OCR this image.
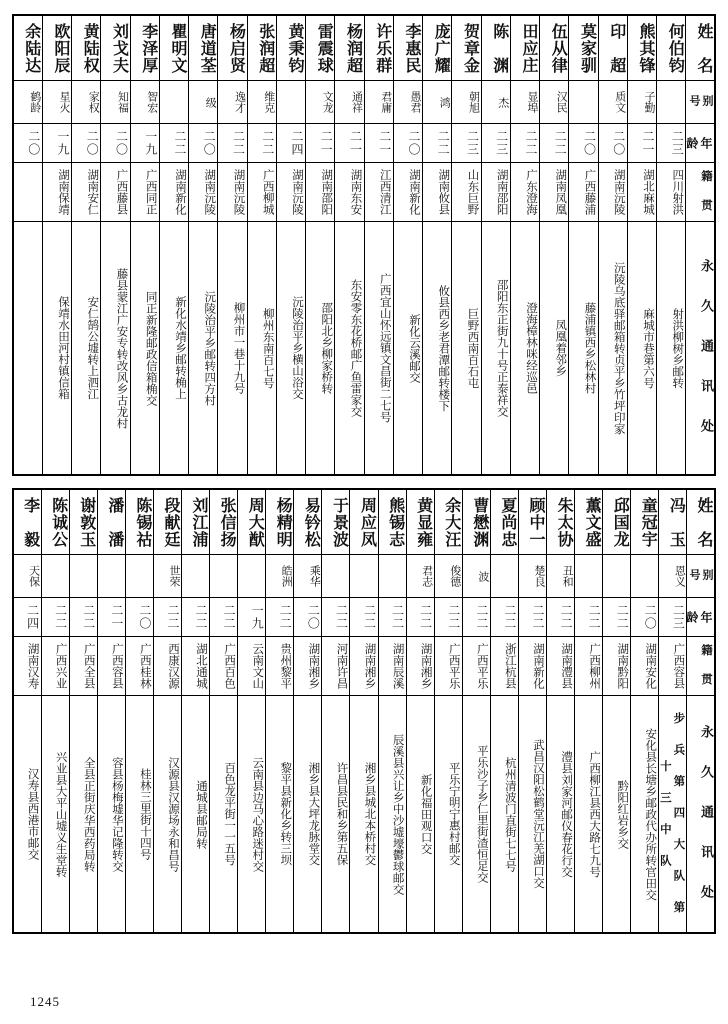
余陆达	欧阳辰	黄陆权	刘戈夫	李泽厚	瞿明文	唐道荃	杨启贤	张润超	黄秉钧	雷震球	杨润超	许乐群	李惠民	庞广耀	贺章金	陈　渊	田应庄	伍从律	莫家驯	印　超	熊其锋	何伯钧	姓　名
鹤龄	星火	家权	知福	智宏		级	逸才	维克		文龙	通祥	君庸	愚君	鸿	朝旭	杰	显埠	汉民		质文	子勤		别　号
二〇	一九	二〇	二〇	一九	二二	二〇	二二	二二	二四	二一	二一	二一	二〇	二二	二三	二三	二二	二二	二〇	二〇	二一	二三	年　龄
	湖南保靖	湖南安仁	广西藤县	广西同正	湖南新化	湖南沅陵	湖南沅陵	广西柳城	湖南沅陵	湖南邵阳	湖南东安	江西清江	湖南新化	湖南攸县	山东巨野	湖南邵阳	广东澄海	湖南凤凰	广西藤浦	湖南沅陵	湖北麻城	四川射洪	籍　贯
	保靖水田河村镇信箱	安仁鹄公墟转上泗江	藤县蒙江广安专转改风乡古龙村	同正新隆邮政信箱桷交	新化水靖乡邮转桷上	沅陵治平乡邮转四方村	柳州市一巷十九号	柳州东南百七号	沅陵治平乡横山浴交	邵阳北乡柳家桥转	东安零东花桥邮广鱼雷家交	广西宜山怀远镇文昌街二七号	新化云溪邮交	攸县西乡老君潭邮转楼下	巨野西南百石屯	邵阳东正街九十号正泰祥交	澄海樟林咪经巡邑	凤凰着邻乡	藤浦镇西乡松林村	沅陵乌底驿邮箱转贞平乡竹坪印家	麻城市巷第六号	射洪柳树乡邮转	永 久 通 讯 处
李　毅	陈诚公	谢敦玉	潘　潘	陈锡祜	段献廷	刘江浦	张信扬	周大猷	杨精明	易钤松	于景波	周应凤	熊锡志	黄显雍	余大汪	曹懋渊	夏尚忠	顾中一	朱太协	薫文盛	邱国龙	童冠宇	冯　玉	姓　名
天保					世荣				皓洲	乘华				君志	俊德	波		楚良	丑和				恩义	别　号
二四	二二	二二	二一	二〇	二二	二二	二二	一九	二二	二〇	二二	二二	二二	二二	二二	二二	二二	二二	二二	二二	二二	二〇	二三	年　龄
湖南汉寿	广西兴业	广西全县	广西容县	广西桂林	西康汉源	湖北通城	广西百色	云南文山	贵州黎平	湖南湘乡	河南许昌	湖南湘乡	湖南辰溪	湖南湘乡	广西平乐	广西平乐	浙江杭县	湖南新化	湖南澧县	广西柳州	湖南黔阳	湖南安化	广西容县	籍　贯
汉寿县西港市邮交	兴业县大平山墟义生堂转	全县正街庆华西药局转	容县杨梅墟华记隆转交	桂林三里街十四号	汉源县汉源场永和昌号	通城县邮局转	百色龙平街一一五号	云南县边马心路迷村交	黎平县新化乡转三坝	湘乡县大坪龙脉堂交	许昌县民和乡第五保	湘乡县城北本桥村交	辰溪县兴让乡中沙墟壕鬱球邮交	新化福田观口交	平乐宁明宁惠村邮交	平乐沙子乡仁里街渣恒足交	杭州清波门直街七七号	武昌汉阳松鹤堂沅江羌湖口交	澧县刘家河邮仪春花行交	广西柳江县西大路七九号	黔阳红岩乡交	安化县长塘乡邮政代办所转官田交	步 兵 第 四 大 队 第 十 三 中 队	永 久 通 讯 处
1245
